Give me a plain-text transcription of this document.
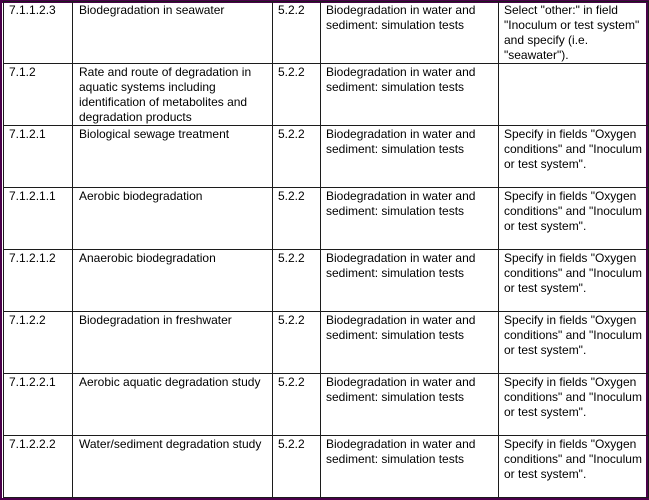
7.1.1.2.3	Biodegradation in seawater	5.2.2	Biodegradation in water and sediment: simulation tests	Select "other:" in field "Inoculum or test system" and specify (i.e. "seawater").
7.1.2	Rate and route of degradation in aquatic systems including identification of metabolites and degradation products	5.2.2	Biodegradation in water and sediment: simulation tests	
7.1.2.1	Biological sewage treatment	5.2.2	Biodegradation in water and sediment: simulation tests	Specify in fields "Oxygen conditions" and "Inoculum or test system".
7.1.2.1.1	Aerobic biodegradation	5.2.2	Biodegradation in water and sediment: simulation tests	Specify in fields "Oxygen conditions" and "Inoculum or test system".
7.1.2.1.2	Anaerobic biodegradation	5.2.2	Biodegradation in water and sediment: simulation tests	Specify in fields "Oxygen conditions" and "Inoculum or test system".
7.1.2.2	Biodegradation in freshwater	5.2.2	Biodegradation in water and sediment: simulation tests	Specify in fields "Oxygen conditions" and "Inoculum or test system".
7.1.2.2.1	Aerobic aquatic degradation study	5.2.2	Biodegradation in water and sediment: simulation tests	Specify in fields "Oxygen conditions" and "Inoculum or test system".
7.1.2.2.2	Water/sediment degradation study	5.2.2	Biodegradation in water and sediment: simulation tests	Specify in fields "Oxygen conditions" and "Inoculum or test system".
